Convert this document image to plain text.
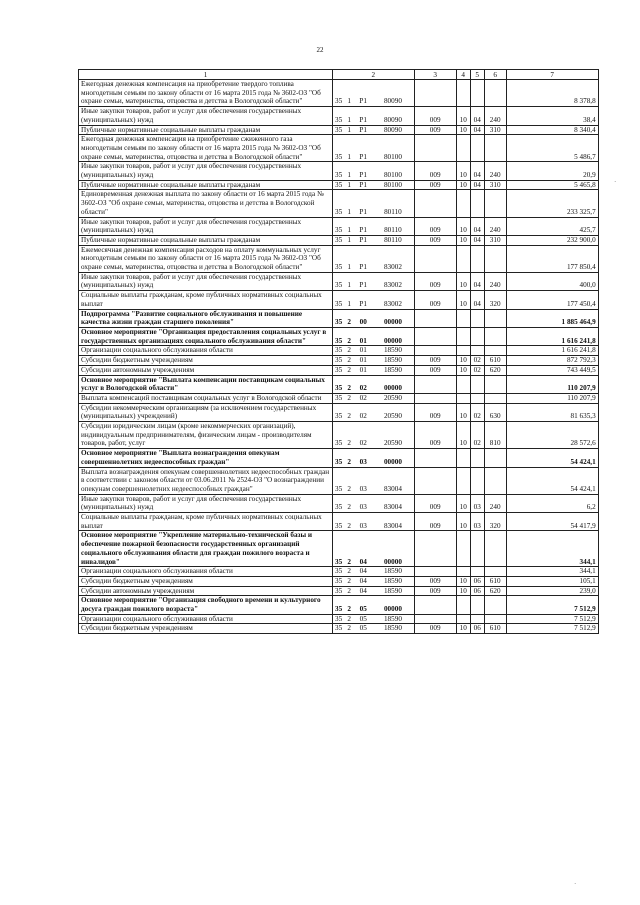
22
1	2				3	4	5	6	7
Ежегодная денежная компенсация на приобретение твердого топлива многодетным семьям по закону области от 16 марта 2015 года № 3602-ОЗ "Об охране семьи, материнства, отцовства и детства в Вологодской области"	35	1	Р1	80090					8 378,8
Иные закупки товаров, работ и услуг для обеспечения государственных (муниципальных) нужд	35	1	Р1	80090	009	10	04	240	38,4
Публичные нормативные социальные выплаты гражданам	35	1	Р1	80090	009	10	04	310	8 340,4
Ежегодная денежная компенсация на приобретение сжиженного газа многодетным семьям по закону области от 16 марта 2015 года № 3602-ОЗ "Об охране семьи, материнства, отцовства и детства в Вологодской области"	35	1	Р1	80100					5 486,7
Иные закупки товаров, работ и услуг для обеспечения государственных (муниципальных) нужд	35	1	Р1	80100	009	10	04	240	20,9
Публичные нормативные социальные выплаты гражданам	35	1	Р1	80100	009	10	04	310	5 465,8
Единовременная денежная выплата по закону области от 16 марта 2015 года № 3602-ОЗ "Об охране семьи, материнства, отцовства и детства в Вологодской области"	35	1	Р1	80110					233 325,7
Иные закупки товаров, работ и услуг для обеспечения государственных (муниципальных) нужд	35	1	Р1	80110	009	10	04	240	425,7
Публичные нормативные социальные выплаты гражданам	35	1	Р1	80110	009	10	04	310	232 900,0
Ежемесячная денежная компенсация расходов на оплату коммунальных услуг многодетным семьям по закону области от 16 марта 2015 года № 3602-ОЗ "Об охране семьи, материнства, отцовства и детства в Вологодской области"	35	1	Р1	83002					177 850,4
Иные закупки товаров, работ и услуг для обеспечения государственных (муниципальных) нужд	35	1	Р1	83002	009	10	04	240	400,0
Социальные выплаты гражданам, кроме публичных нормативных социальных выплат	35	1	Р1	83002	009	10	04	320	177 450,4
Подпрограмма "Развитие социального обслуживания и повышение качества жизни граждан старшего поколения"	35	2	00	00000					1 885 464,9
Основное мероприятие "Организация предоставления социальных услуг в государственных организациях социального обслуживания области"	35	2	01	00000					1 616 241,8
Организации социального обслуживания области	35	2	01	18590					1 616 241,8
Субсидии бюджетным учреждениям	35	2	01	18590	009	10	02	610	872 792,3
Субсидии автономным учреждениям	35	2	01	18590	009	10	02	620	743 449,5
Основное мероприятие "Выплата компенсации поставщикам социальных услуг в Вологодской области"	35	2	02	00000					110 207,9
Выплата компенсаций поставщикам социальных услуг в Вологодской области	35	2	02	20590					110 207,9
Субсидии некоммерческим организациям (за исключением государственных (муниципальных) учреждений)	35	2	02	20590	009	10	02	630	81 635,3
Субсидии юридическим лицам (кроме некоммерческих организаций), индивидуальным предпринимателям, физическим лицам - производителям товаров, работ, услуг	35	2	02	20590	009	10	02	810	28 572,6
Основное мероприятие "Выплата вознаграждения опекунам совершеннолетних недееспособных граждан"	35	2	03	00000					54 424,1
Выплата вознаграждения опекунам совершеннолетних недееспособных граждан в соответствии с законом области от 03.06.2011 № 2524-ОЗ "О вознаграждении опекунам совершеннолетних недееспособных граждан"	35	2	03	83004					54 424,1
Иные закупки товаров, работ и услуг для обеспечения государственных (муниципальных) нужд	35	2	03	83004	009	10	03	240	6,2
Социальные выплаты гражданам, кроме публичных нормативных социальных выплат	35	2	03	83004	009	10	03	320	54 417,9
Основное мероприятие "Укрепление материально-технической базы и обеспечение пожарной безопасности государственных организаций социального обслуживания области для граждан пожилого возраста и инвалидов"	35	2	04	00000					344,1
Организации социального обслуживания области	35	2	04	18590					344,1
Субсидии бюджетным учреждениям	35	2	04	18590	009	10	06	610	105,1
Субсидии автономным учреждениям	35	2	04	18590	009	10	06	620	239,0
Основное мероприятие "Организация свободного времени и культурного досуга граждан пожилого возраста"	35	2	05	00000					7 512,9
Организации социального обслуживания области	35	2	05	18590					7 512,9
Субсидии бюджетным учреждениям	35	2	05	18590	009	10	06	610	7 512,9
·
·
